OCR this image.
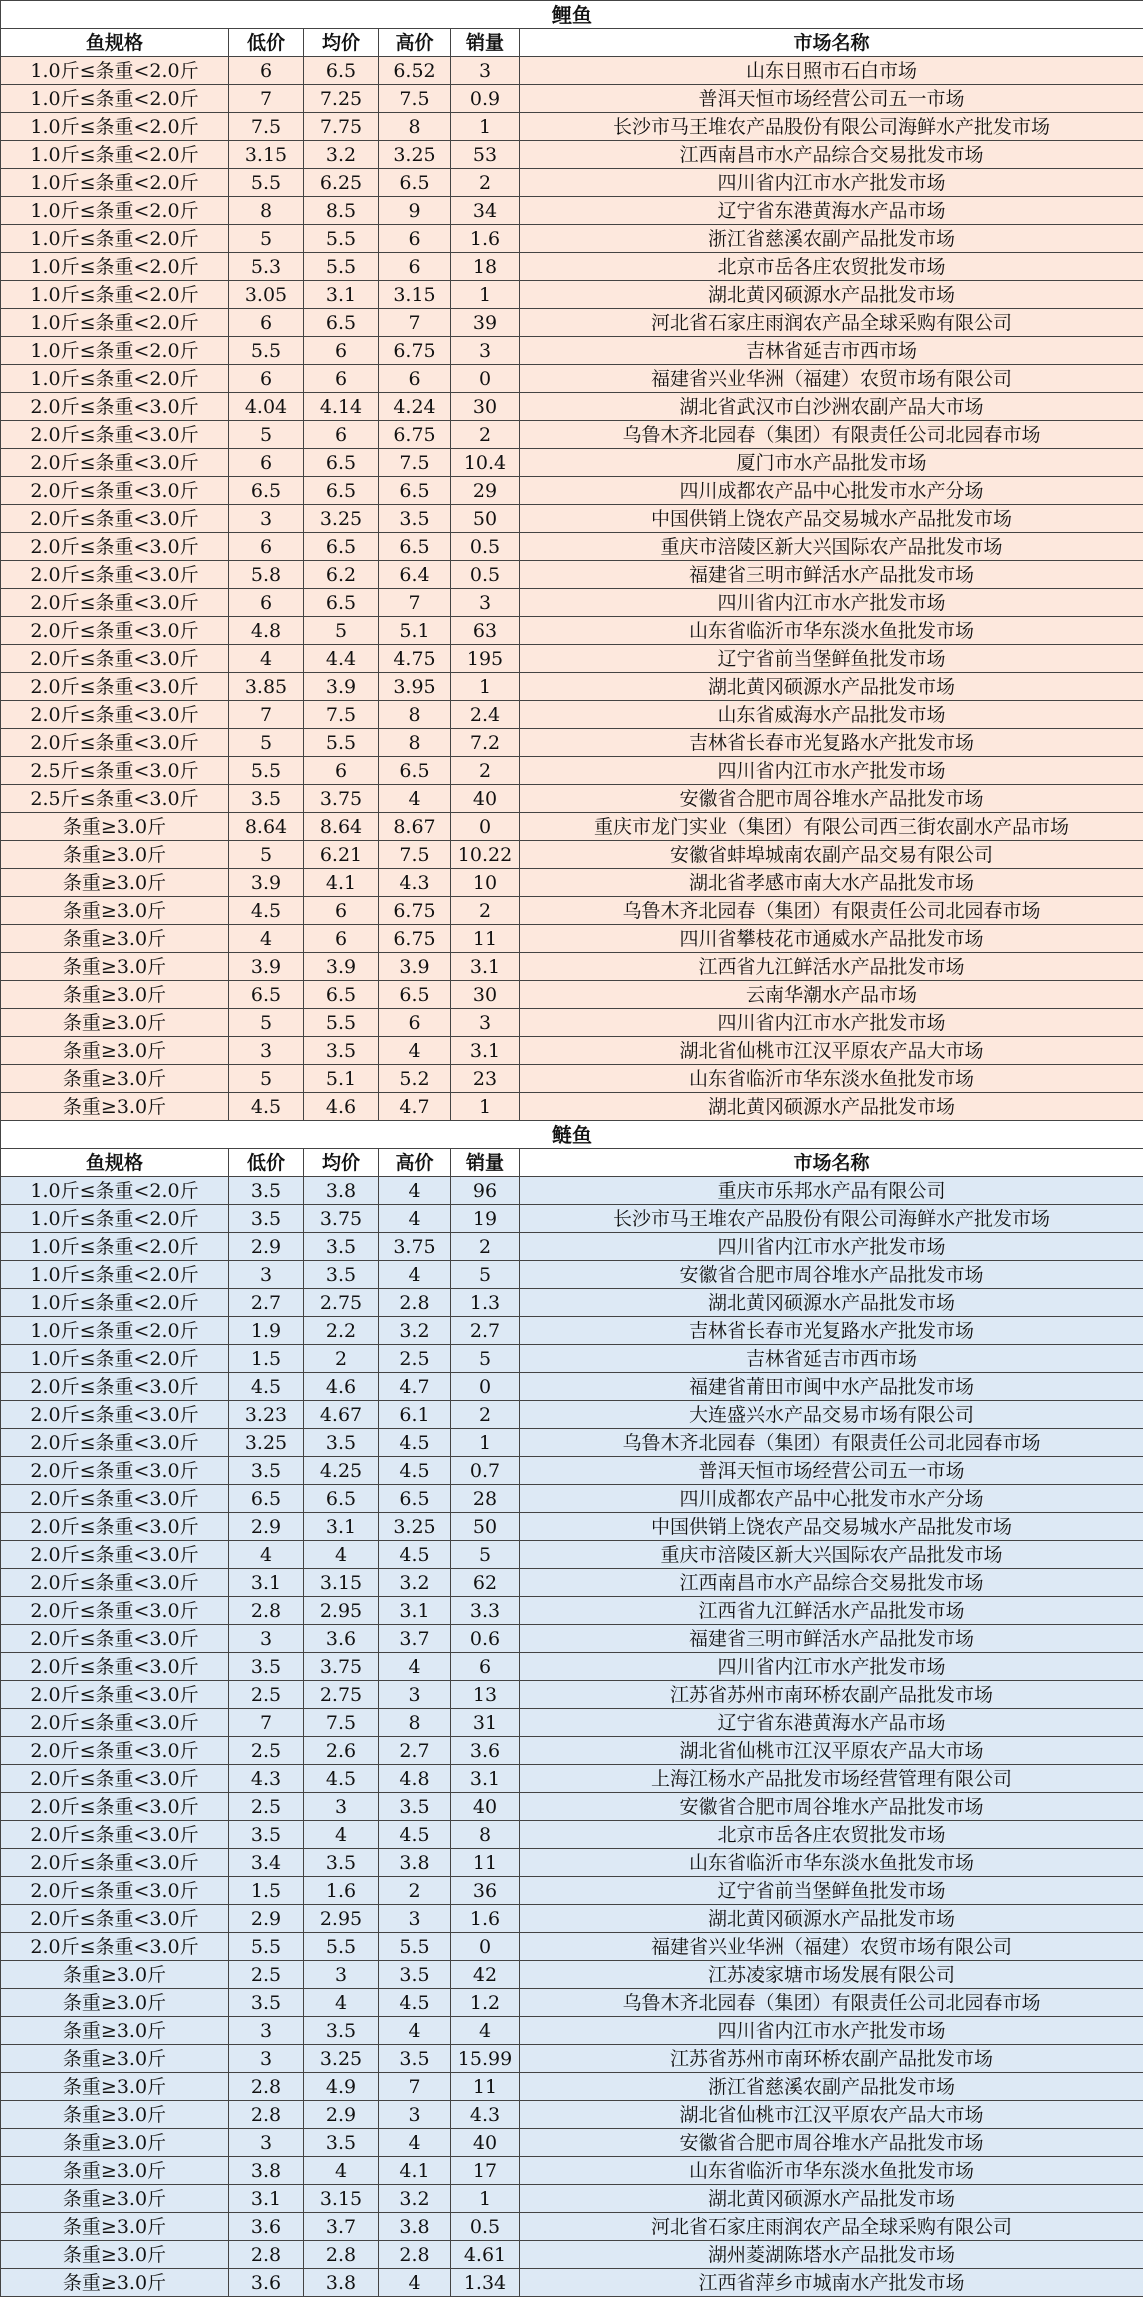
鲤鱼					
鱼规格	低价	均价	高价	销量	市场名称
1.0斤≤条重<2.0斤	6	6.5	6.52	3	山东日照市石白市场
1.0斤≤条重<2.0斤	7	7.25	7.5	0.9	普洱天恒市场经营公司五一市场
1.0斤≤条重<2.0斤	7.5	7.75	8	1	长沙市马王堆农产品股份有限公司海鲜水产批发市场
1.0斤≤条重<2.0斤	3.15	3.2	3.25	53	江西南昌市水产品综合交易批发市场
1.0斤≤条重<2.0斤	5.5	6.25	6.5	2	四川省内江市水产批发市场
1.0斤≤条重<2.0斤	8	8.5	9	34	辽宁省东港黄海水产品市场
1.0斤≤条重<2.0斤	5	5.5	6	1.6	浙江省慈溪农副产品批发市场
1.0斤≤条重<2.0斤	5.3	5.5	6	18	北京市岳各庄农贸批发市场
1.0斤≤条重<2.0斤	3.05	3.1	3.15	1	湖北黄冈硕源水产品批发市场
1.0斤≤条重<2.0斤	6	6.5	7	39	河北省石家庄雨润农产品全球采购有限公司
1.0斤≤条重<2.0斤	5.5	6	6.75	3	吉林省延吉市西市场
1.0斤≤条重<2.0斤	6	6	6	0	福建省兴业华洲（福建）农贸市场有限公司
2.0斤≤条重<3.0斤	4.04	4.14	4.24	30	湖北省武汉市白沙洲农副产品大市场
2.0斤≤条重<3.0斤	5	6	6.75	2	乌鲁木齐北园春（集团）有限责任公司北园春市场
2.0斤≤条重<3.0斤	6	6.5	7.5	10.4	厦门市水产品批发市场
2.0斤≤条重<3.0斤	6.5	6.5	6.5	29	四川成都农产品中心批发市水产分场
2.0斤≤条重<3.0斤	3	3.25	3.5	50	中国供销上饶农产品交易城水产品批发市场
2.0斤≤条重<3.0斤	6	6.5	6.5	0.5	重庆市涪陵区新大兴国际农产品批发市场
2.0斤≤条重<3.0斤	5.8	6.2	6.4	0.5	福建省三明市鲜活水产品批发市场
2.0斤≤条重<3.0斤	6	6.5	7	3	四川省内江市水产批发市场
2.0斤≤条重<3.0斤	4.8	5	5.1	63	山东省临沂市华东淡水鱼批发市场
2.0斤≤条重<3.0斤	4	4.4	4.75	195	辽宁省前当堡鲜鱼批发市场
2.0斤≤条重<3.0斤	3.85	3.9	3.95	1	湖北黄冈硕源水产品批发市场
2.0斤≤条重<3.0斤	7	7.5	8	2.4	山东省威海水产品批发市场
2.0斤≤条重<3.0斤	5	5.5	8	7.2	吉林省长春市光复路水产批发市场
2.5斤≤条重<3.0斤	5.5	6	6.5	2	四川省内江市水产批发市场
2.5斤≤条重<3.0斤	3.5	3.75	4	40	安徽省合肥市周谷堆水产品批发市场
条重≥3.0斤	8.64	8.64	8.67	0	重庆市龙门实业（集团）有限公司西三街农副水产品市场
条重≥3.0斤	5	6.21	7.5	10.22	安徽省蚌埠城南农副产品交易有限公司
条重≥3.0斤	3.9	4.1	4.3	10	湖北省孝感市南大水产品批发市场
条重≥3.0斤	4.5	6	6.75	2	乌鲁木齐北园春（集团）有限责任公司北园春市场
条重≥3.0斤	4	6	6.75	11	四川省攀枝花市通威水产品批发市场
条重≥3.0斤	3.9	3.9	3.9	3.1	江西省九江鲜活水产品批发市场
条重≥3.0斤	6.5	6.5	6.5	30	云南华潮水产品市场
条重≥3.0斤	5	5.5	6	3	四川省内江市水产批发市场
条重≥3.0斤	3	3.5	4	3.1	湖北省仙桃市江汉平原农产品大市场
条重≥3.0斤	5	5.1	5.2	23	山东省临沂市华东淡水鱼批发市场
条重≥3.0斤	4.5	4.6	4.7	1	湖北黄冈硕源水产品批发市场
鲢鱼					
鱼规格	低价	均价	高价	销量	市场名称
1.0斤≤条重<2.0斤	3.5	3.8	4	96	重庆市乐邦水产品有限公司
1.0斤≤条重<2.0斤	3.5	3.75	4	19	长沙市马王堆农产品股份有限公司海鲜水产批发市场
1.0斤≤条重<2.0斤	2.9	3.5	3.75	2	四川省内江市水产批发市场
1.0斤≤条重<2.0斤	3	3.5	4	5	安徽省合肥市周谷堆水产品批发市场
1.0斤≤条重<2.0斤	2.7	2.75	2.8	1.3	湖北黄冈硕源水产品批发市场
1.0斤≤条重<2.0斤	1.9	2.2	3.2	2.7	吉林省长春市光复路水产批发市场
1.0斤≤条重<2.0斤	1.5	2	2.5	5	吉林省延吉市西市场
2.0斤≤条重<3.0斤	4.5	4.6	4.7	0	福建省莆田市闽中水产品批发市场
2.0斤≤条重<3.0斤	3.23	4.67	6.1	2	大连盛兴水产品交易市场有限公司
2.0斤≤条重<3.0斤	3.25	3.5	4.5	1	乌鲁木齐北园春（集团）有限责任公司北园春市场
2.0斤≤条重<3.0斤	3.5	4.25	4.5	0.7	普洱天恒市场经营公司五一市场
2.0斤≤条重<3.0斤	6.5	6.5	6.5	28	四川成都农产品中心批发市水产分场
2.0斤≤条重<3.0斤	2.9	3.1	3.25	50	中国供销上饶农产品交易城水产品批发市场
2.0斤≤条重<3.0斤	4	4	4.5	5	重庆市涪陵区新大兴国际农产品批发市场
2.0斤≤条重<3.0斤	3.1	3.15	3.2	62	江西南昌市水产品综合交易批发市场
2.0斤≤条重<3.0斤	2.8	2.95	3.1	3.3	江西省九江鲜活水产品批发市场
2.0斤≤条重<3.0斤	3	3.6	3.7	0.6	福建省三明市鲜活水产品批发市场
2.0斤≤条重<3.0斤	3.5	3.75	4	6	四川省内江市水产批发市场
2.0斤≤条重<3.0斤	2.5	2.75	3	13	江苏省苏州市南环桥农副产品批发市场
2.0斤≤条重<3.0斤	7	7.5	8	31	辽宁省东港黄海水产品市场
2.0斤≤条重<3.0斤	2.5	2.6	2.7	3.6	湖北省仙桃市江汉平原农产品大市场
2.0斤≤条重<3.0斤	4.3	4.5	4.8	3.1	上海江杨水产品批发市场经营管理有限公司
2.0斤≤条重<3.0斤	2.5	3	3.5	40	安徽省合肥市周谷堆水产品批发市场
2.0斤≤条重<3.0斤	3.5	4	4.5	8	北京市岳各庄农贸批发市场
2.0斤≤条重<3.0斤	3.4	3.5	3.8	11	山东省临沂市华东淡水鱼批发市场
2.0斤≤条重<3.0斤	1.5	1.6	2	36	辽宁省前当堡鲜鱼批发市场
2.0斤≤条重<3.0斤	2.9	2.95	3	1.6	湖北黄冈硕源水产品批发市场
2.0斤≤条重<3.0斤	5.5	5.5	5.5	0	福建省兴业华洲（福建）农贸市场有限公司
条重≥3.0斤	2.5	3	3.5	42	江苏凌家塘市场发展有限公司
条重≥3.0斤	3.5	4	4.5	1.2	乌鲁木齐北园春（集团）有限责任公司北园春市场
条重≥3.0斤	3	3.5	4	4	四川省内江市水产批发市场
条重≥3.0斤	3	3.25	3.5	15.99	江苏省苏州市南环桥农副产品批发市场
条重≥3.0斤	2.8	4.9	7	11	浙江省慈溪农副产品批发市场
条重≥3.0斤	2.8	2.9	3	4.3	湖北省仙桃市江汉平原农产品大市场
条重≥3.0斤	3	3.5	4	40	安徽省合肥市周谷堆水产品批发市场
条重≥3.0斤	3.8	4	4.1	17	山东省临沂市华东淡水鱼批发市场
条重≥3.0斤	3.1	3.15	3.2	1	湖北黄冈硕源水产品批发市场
条重≥3.0斤	3.6	3.7	3.8	0.5	河北省石家庄雨润农产品全球采购有限公司
条重≥3.0斤	2.8	2.8	2.8	4.61	湖州菱湖陈塔水产品批发市场
条重≥3.0斤	3.6	3.8	4	1.34	江西省萍乡市城南水产批发市场
